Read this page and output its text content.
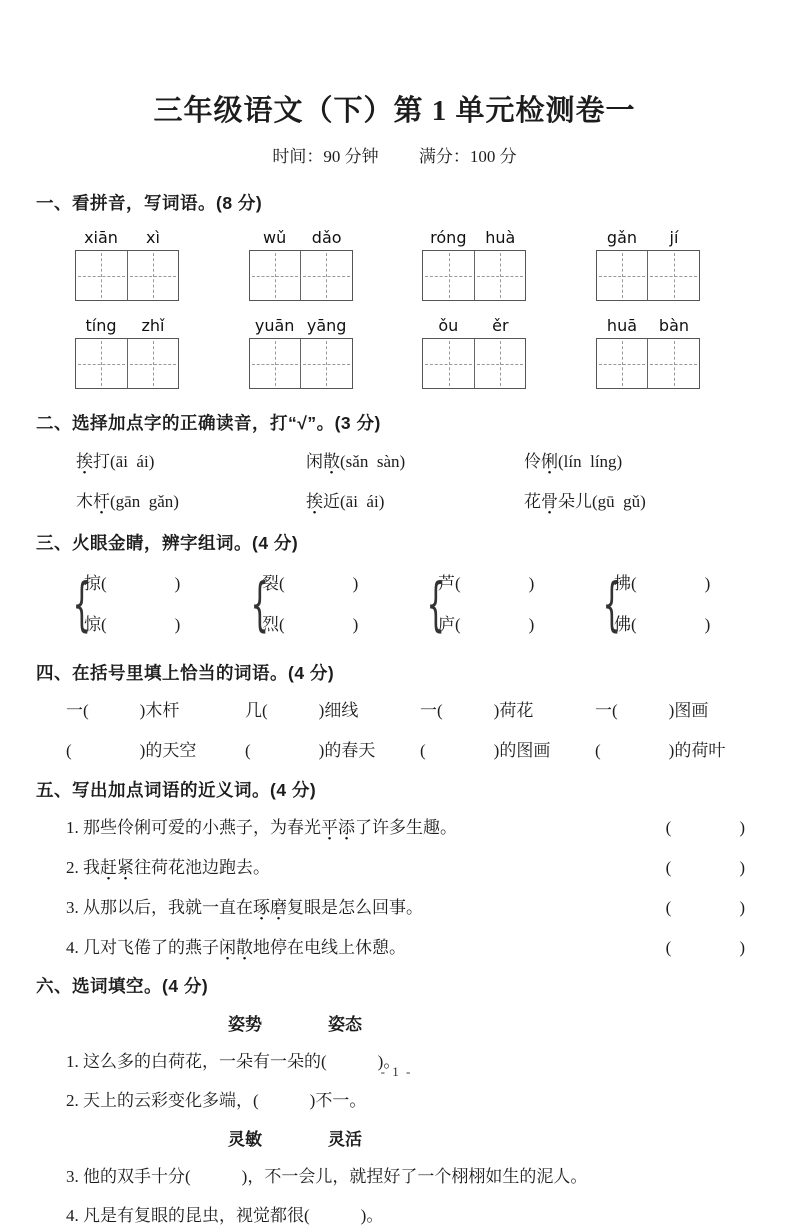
三年级语文（下）第 1 单元检测卷一
时间：90 分钟 满分：100 分
一、看拼音，写词语。(8 分)
xiān	xì	wǔ	dǎo	róng	huà	gǎn	jí
tíng	zhǐ	yuān yāng	ǒu	ěr	huā	bàn
二、选择加点字的正确读音，打“√”。(3 分)
挨打(āi  ái)	闲散(sǎn  sàn)	伶俐(lín  líng)
木杆(gān  gǎn)	挨近(āi  ái)	花骨朵儿(gū  gǔ)
三、火眼金睛，辨字组词。(4 分)
{
掠(　　　　)
惊(　　　　) {
裂(　　　　)
烈(　　　　) {
芦(　　　　)
庐(　　　　) {
拂(　　　　)
佛(　　　　)
四、在括号里填上恰当的词语。(4 分)
一(　　　)木杆	几(　　　)细线	一(　　　)荷花	一(　　　)图画
(　　　　)的天空	(　　　　)的春天	(　　　　)的图画	(　　　　)的荷叶
五、写出加点词语的近义词。(4 分)
1. 那些伶俐可爱的小燕子，为春光平添了许多生趣。	(　　　　)
2. 我赶紧往荷花池边跑去。	(　　　　)
3. 从那以后，我就一直在琢磨复眼是怎么回事。	(　　　　)
4. 几对飞倦了的燕子闲散地停在电线上休憩。	(　　　　)
六、选词填空。(4 分)
姿势	姿态
1. 这么多的白荷花，一朵有一朵的(　　　)。
2. 天上的云彩变化多端，(　　　)不一。
灵敏	灵活
3. 他的双手十分(　　　)，不一会儿，就捏好了一个栩栩如生的泥人。
4. 凡是有复眼的昆虫，视觉都很(　　　)。
- 1 -
